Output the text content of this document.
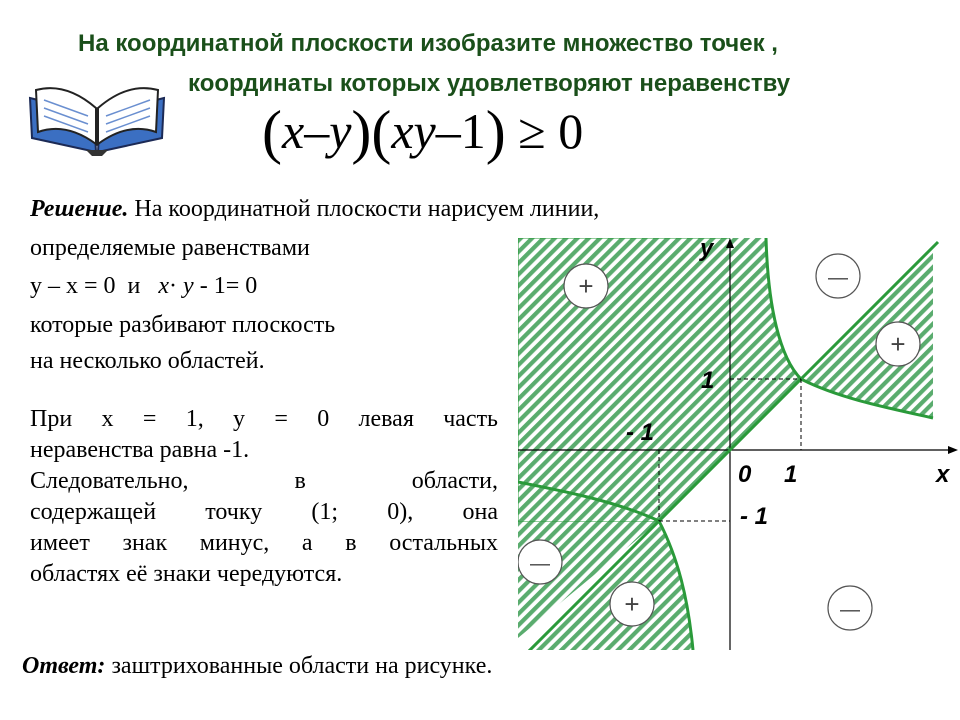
На координатной плоскости изобразите множество точек ,
координаты которых удовлетворяют неравенству
(x–y)(xy–1) ≥ 0
Решение. На координатной плоскости нарисуем линии,
определяемые равенствами
y – x = 0 и x· y - 1= 0
которые разбивают плоскость
на несколько областей.
При x = 1, y = 0 левая часть
неравенства равна -1.
Следовательно, в области,
содержащей точку (1; 0), она
имеет знак минус, а в остальных
областях её знаки чередуются.
Ответ: заштрихованные области на рисунке.
y
x
0 1
1
- 1
- 1
+	—
+
—
+	—
